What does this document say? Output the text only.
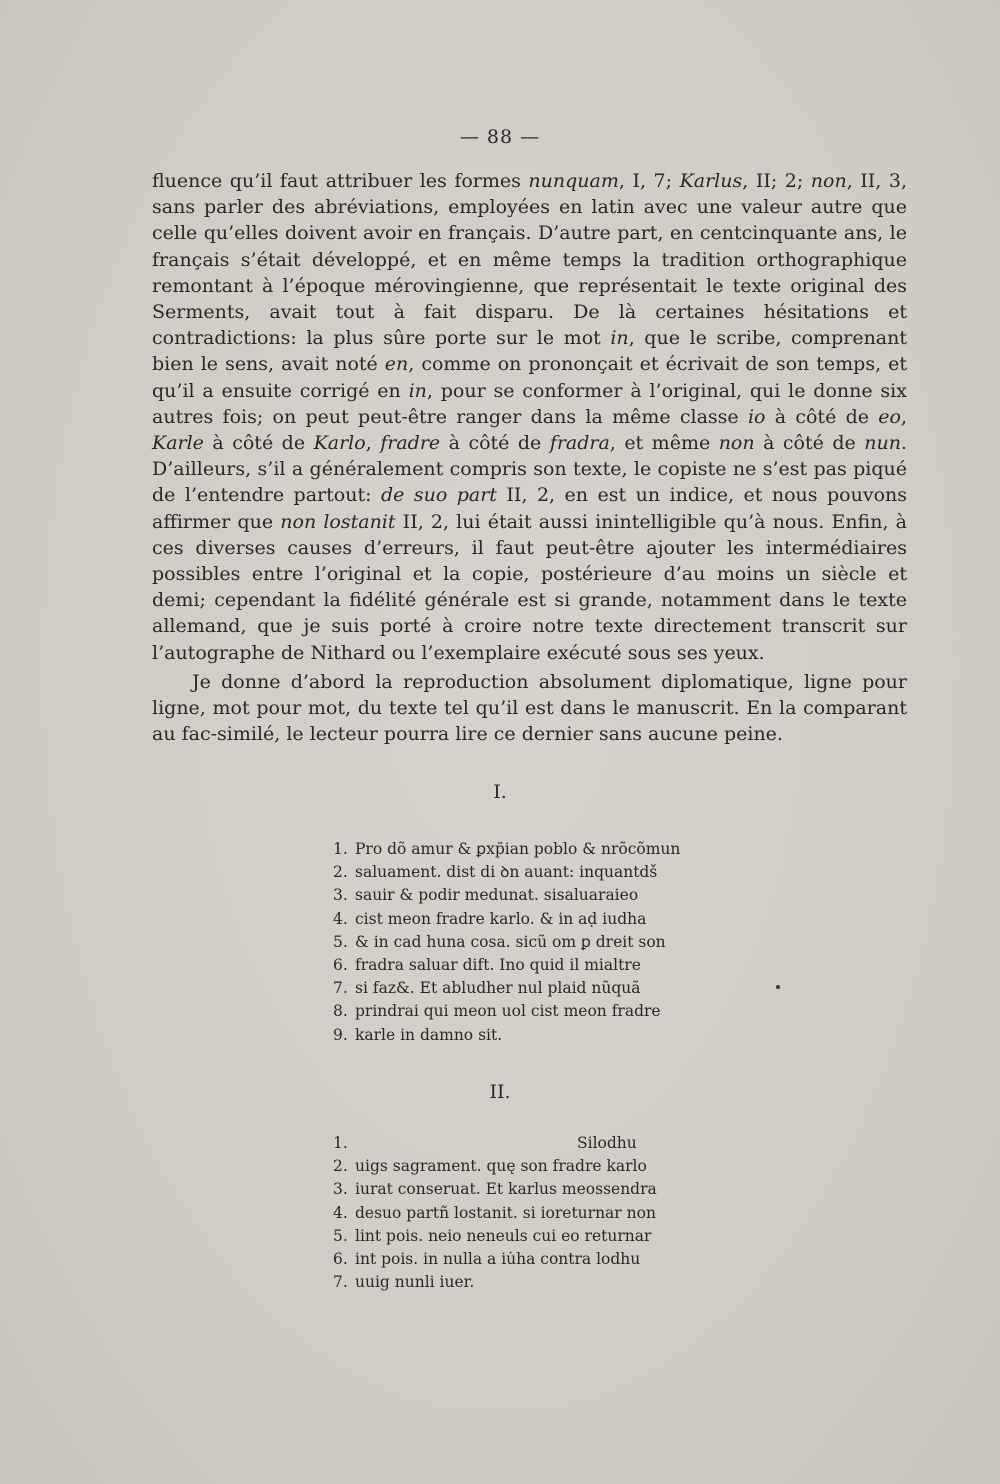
— 88 —

fluence qu’il faut attribuer les formes nunquam, I, 7; Karlus, II; 2; non, II, 3, sans parler des abréviations, employées en latin avec une valeur autre que celle qu’elles doivent avoir en français. D’autre part, en centcinquante ans, le français s’était développé, et en même temps la tradition orthographique remontant à l’époque mérovingienne, que représentait le texte original des Serments, avait tout à fait disparu. De là certaines hésitations et contradictions: la plus sûre porte sur le mot in, que le scribe, comprenant bien le sens, avait noté en, comme on prononçait et écrivait de son temps, et qu’il a ensuite corrigé en in, pour se conformer à l’original, qui le donne six autres fois; on peut peut-être ranger dans la même classe io à côté de eo, Karle à côté de Karlo, fradre à côté de fradra, et même non à côté de nun. D’ailleurs, s’il a généralement compris son texte, le copiste ne s’est pas piqué de l’entendre partout: de suo part II, 2, en est un indice, et nous pouvons affirmer que non lostanit II, 2, lui était aussi inintelligible qu’à nous. Enfin, à ces diverses causes d’erreurs, il faut peut-être ajouter les intermédiaires possibles entre l’original et la copie, postérieure d’au moins un siècle et demi; cependant la fidélité générale est si grande, notamment dans le texte allemand, que je suis porté à croire notre texte directement transcrit sur l’autographe de Nithard ou l’exemplaire exécuté sous ses yeux.

Je donne d’abord la reproduction absolument diplomatique, ligne pour ligne, mot pour mot, du texte tel qu’il est dans le manuscrit. En la comparant au fac-similé, le lecteur pourra lire ce dernier sans aucune peine.

I.
1. Pro dõ amur & ꝑxp̄ian poblo & nrõcõmun
2. saluament. dist di ꝺn auant: inquantdš
3. sauir & podir medunat. sisaluaraieo
4. cist meon fradre karlo. & in aḍ iudha
5. & in cad huna cosa. sicũ om ꝑ dreit son
6. fradra saluar dift. Ino quid il mialtre
7. si faz&. Et abludher nul plaid nũquã
8. prindrai qui meon uol cist meon fradre
9. karle in damno sit.
II.
1.	Silodhu
2. uigs sagrament. quę son fradre karlo
3. iurat conseruat. Et karlus meossendra
4. desuo partñ lostanit. si ioreturnar non
5. lint pois. neio neneuls cui eo returnar
6. int pois. in nulla a iu̇ha contra lodhu
7. uuig nunli iuer.
